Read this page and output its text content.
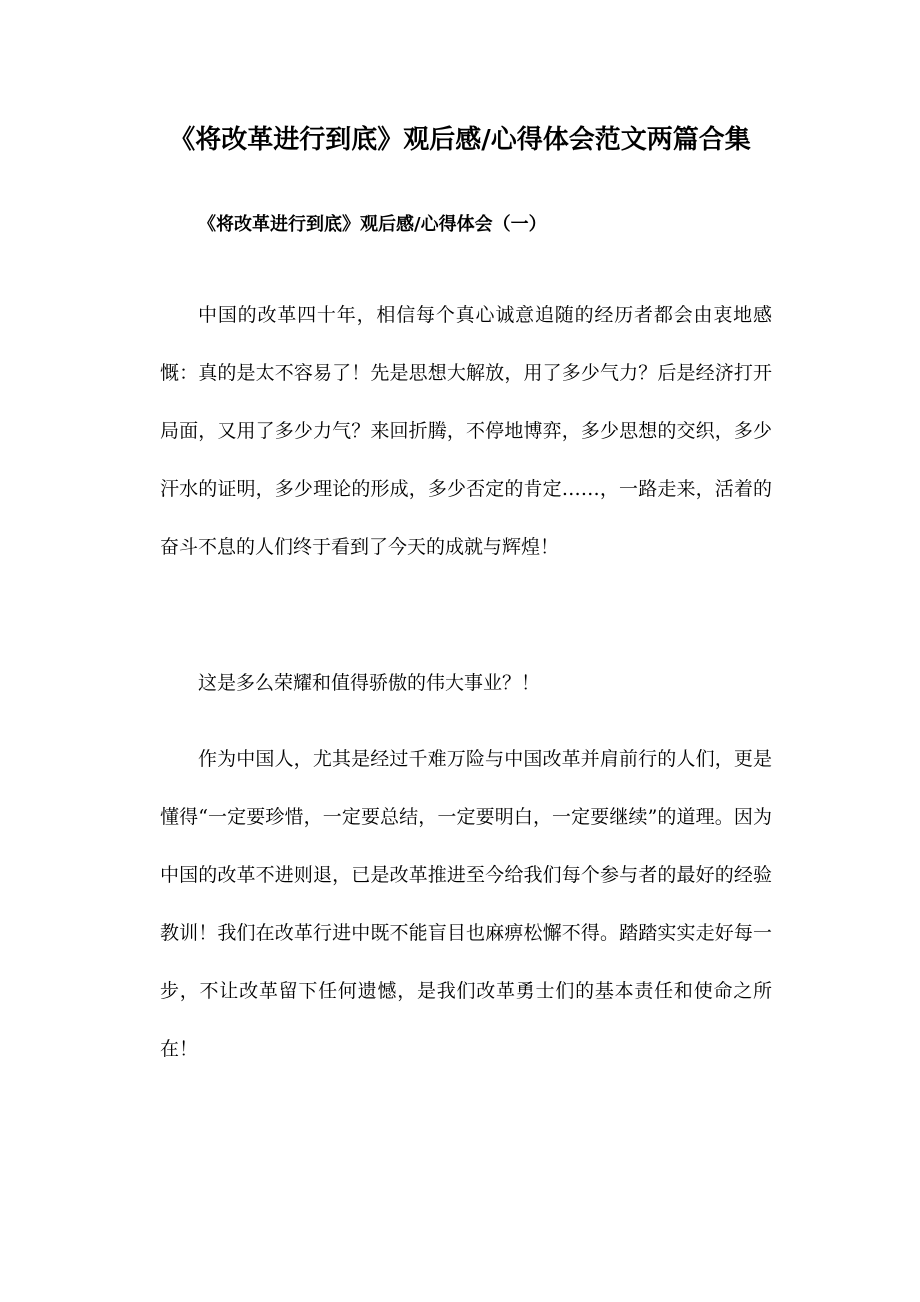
《将改革进行到底》观后感/心得体会范文两篇合集
《将改革进行到底》观后感/心得体会（一）

中国的改革四十年，相信每个真心诚意追随的经历者都会由衷地感慨：真的是太不容易了！先是思想大解放，用了多少气力？后是经济打开局面，又用了多少力气？来回折腾，不停地博弈，多少思想的交织，多少汗水的证明，多少理论的形成，多少否定的肯定……，一路走来，活着的奋斗不息的人们终于看到了今天的成就与辉煌！

这是多么荣耀和值得骄傲的伟大事业？！

作为中国人，尤其是经过千难万险与中国改革并肩前行的人们，更是懂得“一定要珍惜，一定要总结，一定要明白，一定要继续”的道理。因为中国的改革不进则退，已是改革推进至今给我们每个参与者的最好的经验教训！我们在改革行进中既不能盲目也麻痹松懈不得。踏踏实实走好每一步，不让改革留下任何遗憾，是我们改革勇士们的基本责任和使命之所在！
